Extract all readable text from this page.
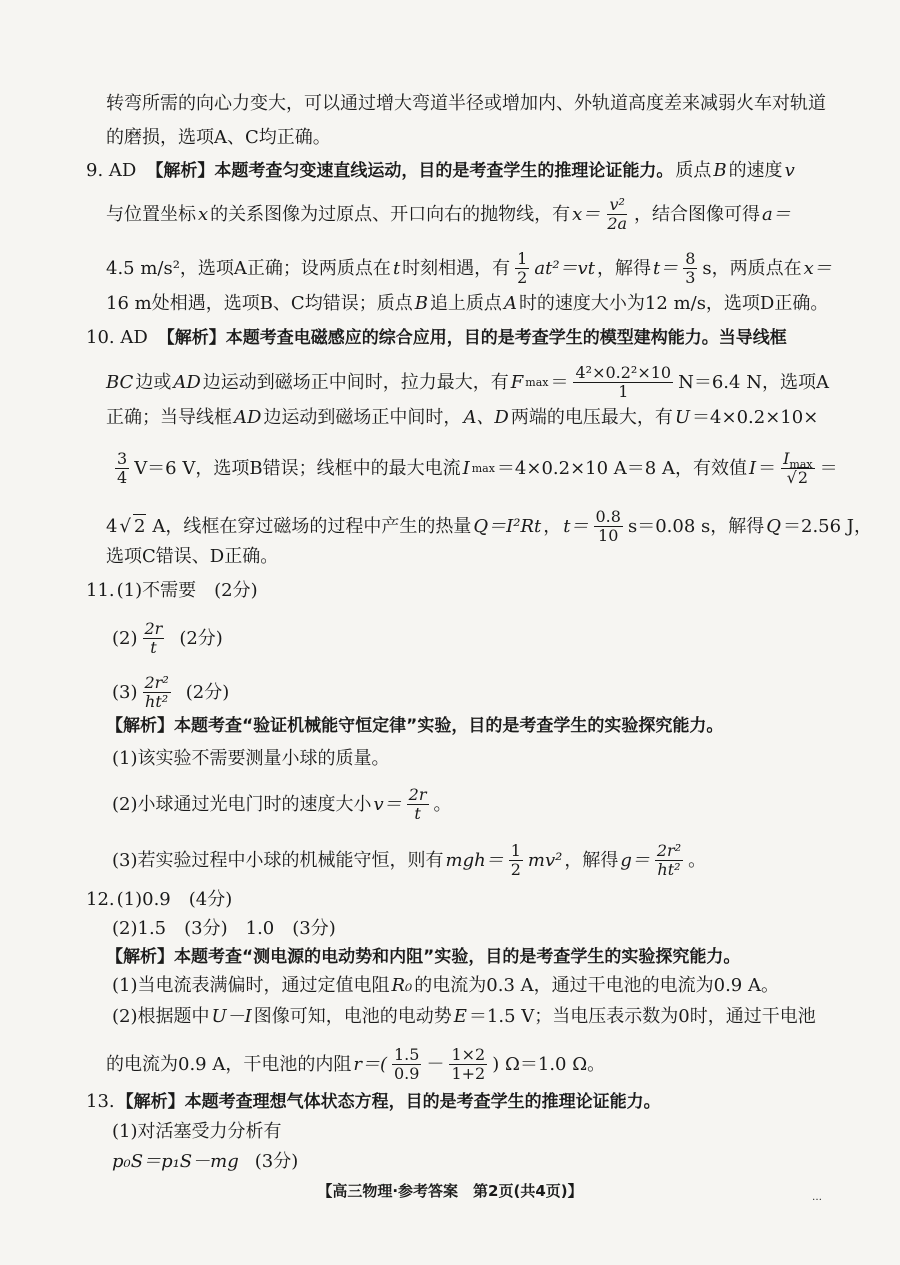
转弯所需的向心力变大，可以通过增大弯道半径或增加内、外轨道高度差来减弱火车对轨道
的磨损，选项A、C均正确。
9. AD 【解析】本题考查匀变速直线运动，目的是考查学生的推理论证能力。 质点 B 的速度 v
与位置坐标 x 的关系图像为过原点、开口向右的抛物线，有 $x= \frac{\text{v²}}{2a}$ ，结合图像可得 a＝
4.5 m/s²，选项A正确；设两质点在 t 时刻相遇，有 $\frac{1}{2} at^2=vt$ ，解得 $t= \frac{8}{3}$ s，两质点在 x＝
16 m处相遇，选项B、C均错误；质点 B 追上质点 A 时的速度大小为12 m/s，选项D正确。
10. AD 【解析】本题考查电磁感应的综合应用，目的是考查学生的模型建构能力。当导线框
BC 边或 AD 边运动到磁场正中间时，拉力最大，有 F $\max = \frac{\text{4²×0.2²×10}}{1} N=6.4$ N，选项A
正确；当导线框 AD 边运动到磁场正中间时， A、D 两端的电压最大，有 U ＝4×0.2×10×
$\frac{3}{4} V=6$ V，选项B错误；线框中的最大电流 I max ＝4×0.2×10 A＝8 A，有效值 $I = \frac{I_{max}}{√2}$ ＝
4 √ 2 A，线框在穿过磁场的过程中产生的热量 Q＝I²Rt ， $t= \frac{0.8}{10} s=0.08$ s，解得 Q ＝2.56 J，
选项C错误、D正确。
11. (1)不需要　(2分)
$(2) \frac{2r}{t} (2$分)
$(3) \frac{\text{2r²}}{\text{ht²}} (2$分)
【解析】本题考查“验证机械能守恒定律”实验，目的是考查学生的实验探究能力。
(1)该实验不需要测量小球的质量。
(2)小球通过光电门时的速度大小 $v= \frac{2r}{t}$ 。
(3)若实验过程中小球的机械能守恒，则有 $mgh= \frac{1}{2} mv^2$ ，解得 $g= \frac{\text{2r²}}{\text{ht²}}$ 。
12. (1)0.9　(4分)
(2)1.5　(3分)　1.0　(3分)
【解析】本题考查“测电源的电动势和内阻”实验，目的是考查学生的实验探究能力。
(1)当电流表满偏时，通过定值电阻 R₀ 的电流为0.3 A，通过干电池的电流为0.9 A。
(2)根据题中 U－I 图像可知，电池的电动势 E ＝1.5 V；当电压表示数为0时，通过干电池
的电流为0.9 A，干电池的内阻 $r=( \frac{1.5}{0.9} - \frac{1\times 2}{1+2}$ ) Ω＝1.0 Ω。
13. 【解析】本题考查理想气体状态方程，目的是考查学生的推理论证能力。
(1)对活塞受力分析有
p₀S＝p₁S－mg (3分)
【高三物理·参考答案　第2页(共4页)】	…
